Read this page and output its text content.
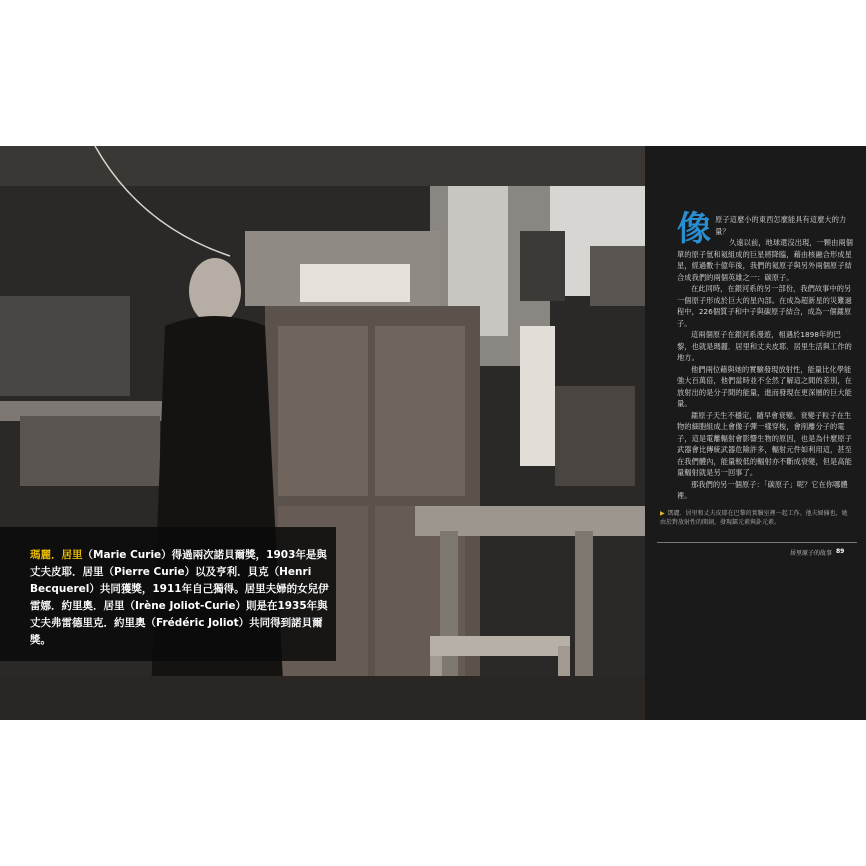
像原子這麼小的東西怎麼能具有這麼大的力量？

久遠以前，地球還沒出現，一顆由兩個單的原子氫和氦組成的巨星將降臨，藉由核融合形成星星，經過數十億年後，我們的氦原子與另外兩個原子結合成我們的兩個英雄之一：碳原子。

在此同時，在銀河系的另一部份，我們故事中的另一個原子形成於巨大的星內部。在成為超新星的災難過程中，226個質子和中子與碳原子結合，成為一個鐳原子。

這兩個原子在銀河系漫遊，相遇於1898年的巴黎，也就是瑪麗．居里和丈夫皮耶．居里生活與工作的地方。

他們兩位藉與她的實驗發現放射性，能量比化學能強大百萬倍，他們當時並不全然了解這之間的差別，在放射出的是分子間的能量，進而發現在更深層的巨大能量。

鐳原子天生不穩定，隨早會衰變。衰變子粒子在生物的細胞組成上會像子彈一樣穿梭，會削離分子的電子，這是電離輻射會影響生物的原因，也是為什麼原子武器會比傳統武器危險許多，輻射元件如利用這，甚至在我們體內，能量較低的輻射亦不斷成衰變，但是高能量輻射就是另一回事了。

那我們的另一個原子：「碳原子」呢？它在你哪體裡。

瑪麗．居里（Marie Curie）得過兩次諾貝爾獎，1903年是與丈夫皮耶．居里（Pierre Curie）以及亨利．貝克（Henri Becquerel）共同獲獎，1911年自己獨得。居里夫婦的女兒伊雷娜．約里奧．居里（Irène Joliot-Curie）則是在1935年與丈夫弗雷德里克．約里奧（Frédéric Joliot）共同得到諾貝爾獎。
▶ 瑪麗．居里和丈夫皮耶在巴黎的實驗室裡一起工作。他夫婦倆也，她由於對放射性的開創，發現鐳元素與釙元素。
居里原子的故事 89
